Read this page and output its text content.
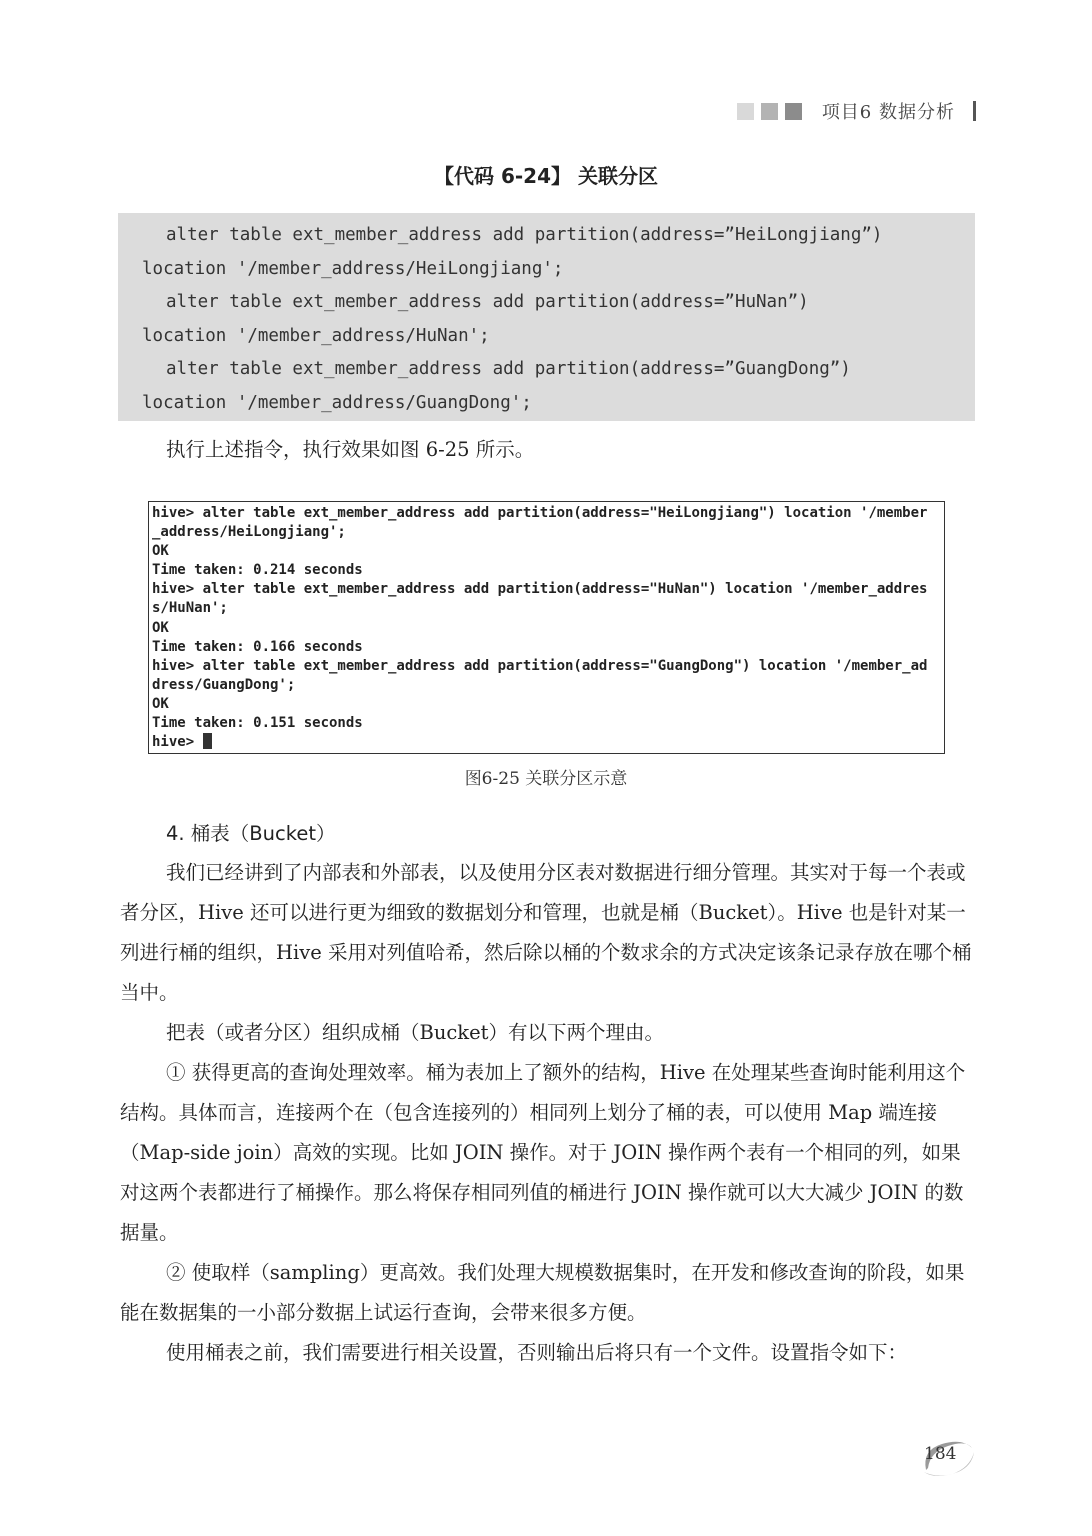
项目6 数据分析
【代码 6-24】 关联分区
alter table ext_member_address add partition(address=”HeiLongjiang”)
location '/member_address/HeiLongjiang';
alter table ext_member_address add partition(address=”HuNan”)
location '/member_address/HuNan';
alter table ext_member_address add partition(address=”GuangDong”)
location '/member_address/GuangDong';
执行上述指令，执行效果如图 6-25 所示。
hive> alter table ext_member_address add partition(address="HeiLongjiang") location '/member
_address/HeiLongjiang';
OK
Time taken: 0.214 seconds
hive> alter table ext_member_address add partition(address="HuNan") location '/member_addres
s/HuNan';
OK
Time taken: 0.166 seconds
hive> alter table ext_member_address add partition(address="GuangDong") location '/member_ad
dress/GuangDong';
OK
Time taken: 0.151 seconds
hive>
图6-25 关联分区示意
4. 桶表（Bucket）
我们已经讲到了内部表和外部表，以及使用分区表对数据进行细分管理。其实对于每一个表或者分区，Hive 还可以进行更为细致的数据划分和管理，也就是桶（Bucket）。Hive 也是针对某一列进行桶的组织，Hive 采用对列值哈希，然后除以桶的个数求余的方式决定该条记录存放在哪个桶当中。
把表（或者分区）组织成桶（Bucket）有以下两个理由。
① 获得更高的查询处理效率。桶为表加上了额外的结构，Hive 在处理某些查询时能利用这个结构。具体而言，连接两个在（包含连接列的）相同列上划分了桶的表，可以使用 Map 端连接（Map-side join）高效的实现。比如 JOIN 操作。对于 JOIN 操作两个表有一个相同的列，如果对这两个表都进行了桶操作。那么将保存相同列值的桶进行 JOIN 操作就可以大大减少 JOIN 的数据量。
② 使取样（sampling）更高效。我们处理大规模数据集时，在开发和修改查询的阶段，如果能在数据集的一小部分数据上试运行查询，会带来很多方便。
使用桶表之前，我们需要进行相关设置，否则输出后将只有一个文件。设置指令如下：
184
